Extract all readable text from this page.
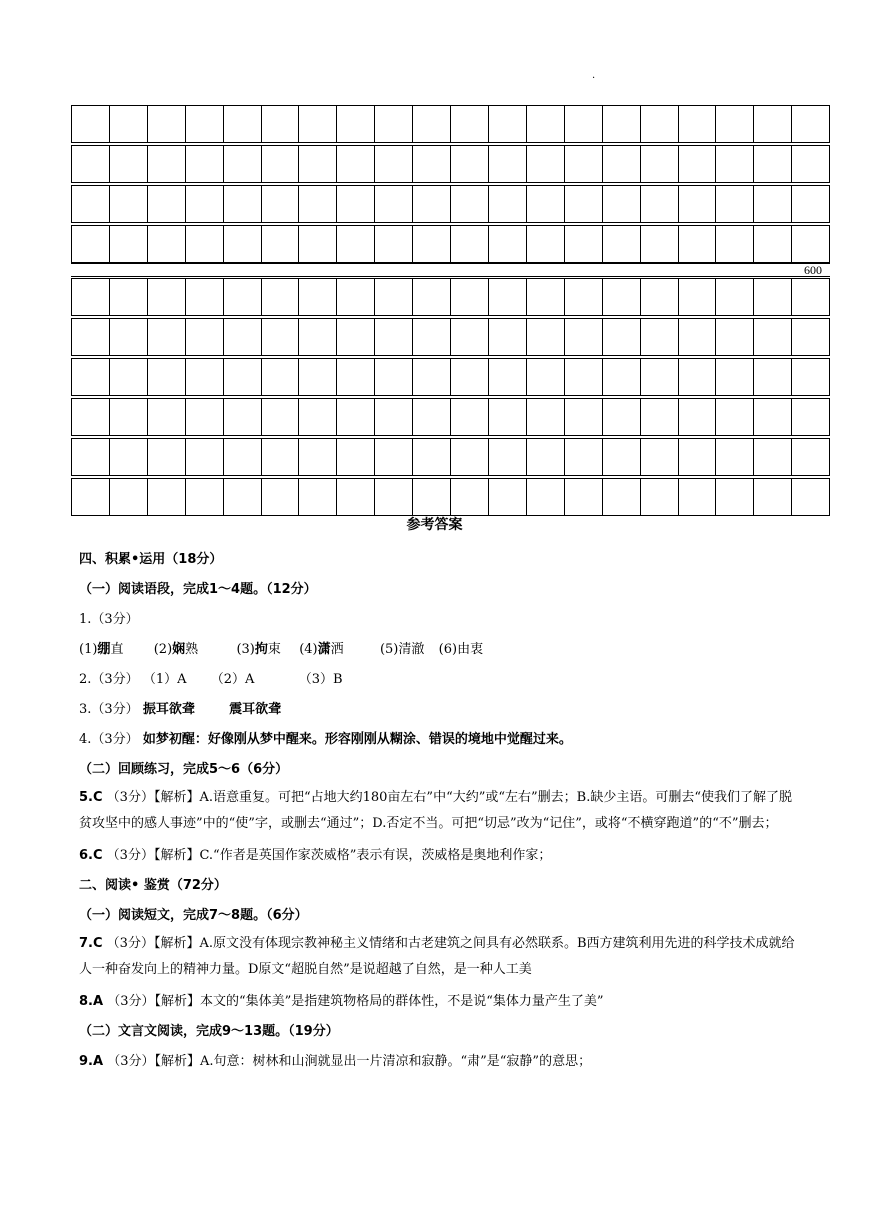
.
600
参考答案
四、积累•运用（18分）
（一）阅读语段，完成1～4题。（12分）
1.（3分）
(1)绷直 (2)娴熟	(3)拘束 (4)潇洒	(5)清澈 (6)由衷
2.（3分） （1）A （2）A	（3）B
3.（3分） 振耳欲聋	震耳欲聋
4.（3分） 如梦初醒：好像刚从梦中醒来。形容刚刚从糊涂、错误的境地中觉醒过来。
（二）回顾练习，完成5～6（6分）
5.C （3分）【解析】A.语意重复。可把“占地大约180亩左右”中“大约”或“左右”删去；B.缺少主语。可删去“使我们了解了脱贫攻坚中的感人事迹”中的“使”字，或删去“通过”；D.否定不当。可把“切忌”改为“记住”，或将“不横穿跑道”的“不”删去；
6.C （3分）【解析】C.“作者是英国作家茨威格”表示有误，茨威格是奥地利作家；
二、阅读• 鉴赏（72分）
（一）阅读短文，完成7～8题。（6分）
7.C （3分）【解析】A.原文没有体现宗教神秘主义情绪和古老建筑之间具有必然联系。B西方建筑利用先进的科学技术成就给人一种奋发向上的精神力量。D原文“超脱自然”是说超越了自然，是一种人工美
8.A （3分）【解析】本文的“集体美”是指建筑物格局的群体性，不是说“集体力量产生了美”
（二）文言文阅读，完成9～13题。（19分）
9.A （3分）【解析】A.句意：树林和山涧就显出一片清凉和寂静。“肃”是“寂静”的意思；
